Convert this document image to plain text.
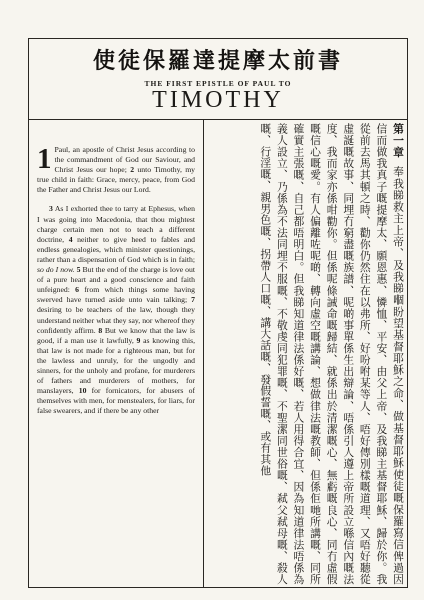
使徒保羅達提摩太前書
THE FIRST EPISTLE OF PAUL TO
TIMOTHY

1 Paul, an apostle of Christ Jesus according to the commandment of God our Saviour, and Christ Jesus our hope; 2 unto Timothy, my true child in faith: Grace, mercy, peace, from God the Father and Christ Jesus our Lord.

3 As I exhorted thee to tarry at Ephesus, when I was going into Macedonia, that thou mightest charge certain men not to teach a different doctrine, 4 neither to give heed to fables and endless genealogies, which minister questionings, rather than a dispensation of God which is in faith; so do I now. 5 But the end of the charge is love out of a pure heart and a good conscience and faith unfeigned: 6 from which things some having swerved have turned aside unto vain talking; 7 desiring to be teachers of the law, though they understand neither what they say, nor whereof they confidently affirm. 8 But we know that the law is good, if a man use it lawfully, 9 as knowing this, that law is not made for a righteous man, but for the lawless and unruly, for the ungodly and sinners, for the unholy and profane, for murderers of fathers and murderers of mothers, for manslayers, 10 for fornicators, for abusers of themselves with men, for menstealers, for liars, for false swearers, and if there be any other

第一章奉我睇救主上帝、及我睇嗰盼望基督耶穌之命、做基督耶穌使徒嘅保羅寫信俾過因信而做我真子嘅提摩太、願恩惠、憐恤、平安、由父上帝、及我睇主基督耶穌、歸於你。我從前去馬其頓之時、勸你仍然住在以弗所、好吩咐某等人、唔好傳別樣嘅道理、又唔好聽從虛誕嘅故事、同埋冇窮盡嘅族譜、呢啲事單係生出辯論、唔係引人遵上帝所設立喺信內嘅法度、我而家亦係咁勸你。但係呢條誡命嘅歸結、就係出於清潔嘅心、無虧嘅良心、同冇虛假嘅信心嘅愛。有人偏離咗呢啲、轉向虛空嘅講論、想做律法嘅教師、但係佢哋所講嘅、同所確實主張嘅、自己都唔明白。但我睇知道律法係好嘅、若人用得合宜、因為知道律法唔係為義人設立、乃係為不法同埋不服嘅、不敬虔同犯罪嘅、不聖潔同世俗嘅、弒父弒母嘅、殺人嘅、行淫嘅、親男色嘅、拐帶人口嘅、講大話嘅、發假誓嘅、或有其他
